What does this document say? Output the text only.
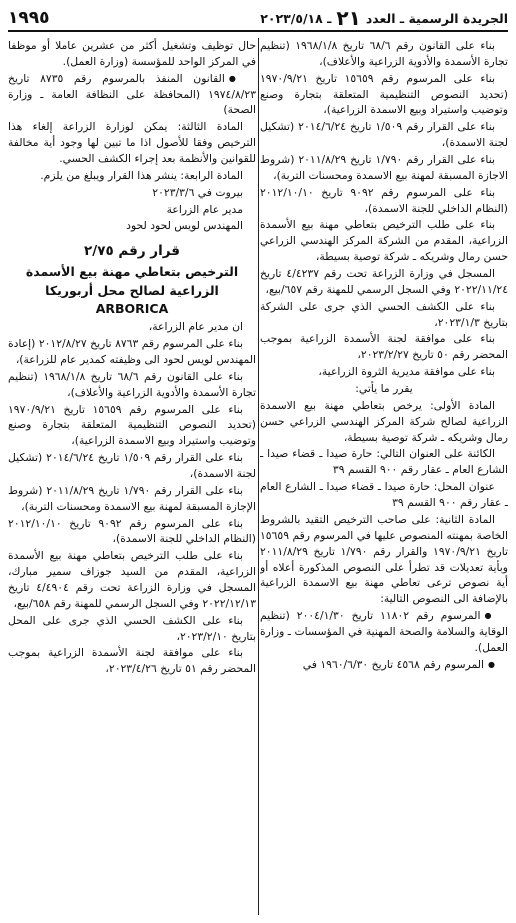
الجريدة الرسمية ـ العدد
٢١
ـ ٢٠٢٣/٥/١٨
١٩٩٥

بناء على القانون رقم ٦٨/٦ تاريخ ١٩٦٨/١/٨ (تنظيم تجارة الأسمدة والأدوية الزراعية والأعلاف)،

بناء على المرسوم رقم ١٥٦٥٩ تاريخ ١٩٧٠/٩/٢١ (تحديد النصوص التنظيمية المتعلقة بتجارة وصنع وتوضيب واستيراد وبيع الاسمدة الزراعية)،

بناء على القرار رقم ١/٥٠٩ تاريخ ٢٠١٤/٦/٢٤ (تشكيل لجنة الاسمدة)،

بناء على القرار رقم ١/٧٩٠ تاريخ ٢٠١١/٨/٢٩ (شروط الاجازة المسبقة لمهنة بيع الاسمدة ومحسنات التربة)،

بناء على المرسوم رقم ٩٠٩٢ تاريخ ٢٠١٢/١٠/١٠ (النظام الداخلي للجنة الاسمدة)،

بناء على طلب الترخيص بتعاطي مهنة بيع الأسمدة الزراعية، المقدم من الشركة المركز الهندسي الزراعي حسن رمال وشريكه ـ شركة توصية بسيطة،

المسجل في وزارة الزراعة تحت رقم ٤/٤٢٣٧ تاريخ ٢٠٢٢/١١/٢٤ وفي السجل الرسمي للمهنة رقم ٦٥٧/بيع،

بناء على الكشف الحسي الذي جرى على الشركة بتاريخ ٢٠٢٣/١/٣،

بناء على موافقة لجنة الأسمدة الزراعية بموجب المحضر رقم ٥٠ تاريخ ٢٠٢٣/٢/٢٧،

بناء على موافقة مديرية الثروة الزراعية،

يقرر ما يأتي:

المادة الأولى: يرخص بتعاطي مهنة بيع الاسمدة الزراعية لصالح شركة المركز الهندسي الزراعي حسن رمال وشريكه ـ شركة توصية بسيطة،

الكائنة على العنوان التالي: حارة صيدا ـ قضاء صيدا ـ الشارع العام ـ عقار رقم ٩٠٠ القسم ٣٩

عنوان المحل: حارة صيدا ـ قضاء صيدا ـ الشارع العام ـ عقار رقم ٩٠٠ القسم ٣٩

المادة الثانية: على صاحب الترخيص التقيد بالشروط الخاصة بمهنته المنصوص عليها في المرسوم رقم ١٥٦٥٩ تاريخ ١٩٧٠/٩/٢١ والقرار رقم ١/٧٩٠ تاريخ ٢٠١١/٨/٢٩ وبأية تعديلات قد تطرأ على النصوص المذكورة أعلاه أو أية نصوص ترعى تعاطي مهنة بيع الاسمدة الزراعية بالإضافة الى النصوص التالية:

● المرسوم رقم ١١٨٠٢ تاريخ ٢٠٠٤/١/٣٠ (تنظيم الوقاية والسلامة والصحة المهنية في المؤسسات ـ وزارة العمل).

● المرسوم رقم ٤٥٦٨ تاريخ ١٩٦٠/٦/٣٠ في

حال توظيف وتشغيل أكثر من عشرين عاملا أو موظفا في المركز الواحد للمؤسسة (وزارة العمل).

● القانون المنفذ بالمرسوم رقم ٨٧٣٥ تاريخ ١٩٧٤/٨/٢٣ (المحافظة على النظافة العامة ـ وزارة الصحة)

المادة الثالثة: يمكن لوزارة الزراعة إلغاء هذا الترخيص وفقا للأصول اذا ما تبين لها وجود أية مخالفة للقوانين والأنظمة بعد إجراء الكشف الحسي.

المادة الرابعة: ينشر هذا القرار ويبلغ من يلزم.

بيروت في ٢٠٢٣/٣/٦

مدير عام الزراعة

المهندس لويس لحود لحود

قرار رقم ٢/٧٥

الترخيص بتعاطي مهنة بيع الأسمدة الزراعية لصالح محل أربوريكا ARBORICA

ان مدير عام الزراعة،

بناء على المرسوم رقم ٨٧٦٣ تاريخ ٢٠١٢/٨/٢٧ (إعادة المهندس لويس لحود الى وظيفته كمدير عام للزراعة)،

بناء على القانون رقم ٦٨/٦ تاريخ ١٩٦٨/١/٨ (تنظيم تجارة الأسمدة والأدوية الزراعية والأعلاف)،

بناء على المرسوم رقم ١٥٦٥٩ تاريخ ١٩٧٠/٩/٢١ (تحديد النصوص التنظيمية المتعلقة بتجارة وصنع وتوضيب واستيراد وبيع الاسمدة الزراعية)،

بناء على القرار رقم ١/٥٠٩ تاريخ ٢٠١٤/٦/٢٤ (تشكيل لجنة الاسمدة)،

بناء على القرار رقم ١/٧٩٠ تاريخ ٢٠١١/٨/٢٩ (شروط الإجازة المسبقة لمهنة بيع الاسمدة ومحسنات التربة)،

بناء على المرسوم رقم ٩٠٩٢ تاريخ ٢٠١٢/١٠/١٠ (النظام الداخلي للجنة الاسمدة)،

بناء على طلب الترخيص بتعاطي مهنة بيع الأسمدة الزراعية، المقدم من السيد جوزاف سمير مبارك، المسجل في وزارة الزراعة تحت رقم ٤/٤٩٠٤ تاريخ ٢٠٢٢/١٢/١٣ وفي السجل الرسمي للمهنة رقم ٦٥٨/بيع،

بناء على الكشف الحسي الذي جرى على المحل بتاريخ ٢٠٢٣/٢/١٠،

بناء على موافقة لجنة الأسمدة الزراعية بموجب المحضر رقم ٥١ تاريخ ٢٠٢٣/٤/٢٦،
